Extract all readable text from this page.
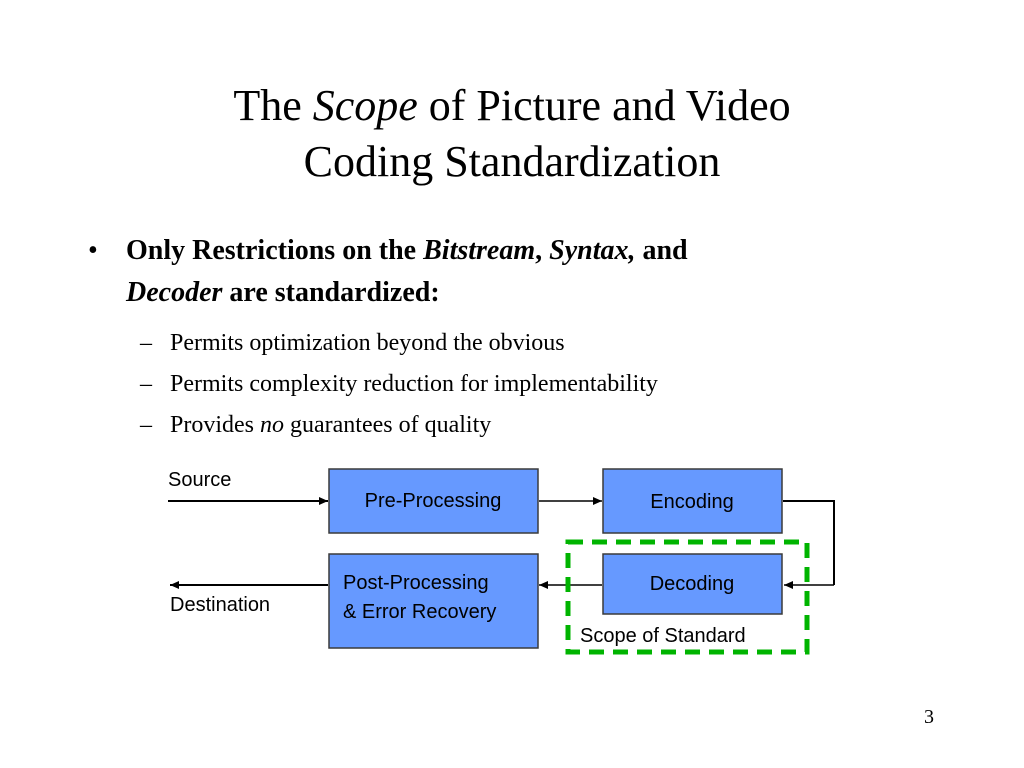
The Scope of Picture and Video
Coding Standardization
• Only Restrictions on the Bitstream, Syntax, and
Decoder are standardized:
– Permits optimization beyond the obvious
– Permits complexity reduction for implementability
– Provides no guarantees of quality
Source
Pre-Processing	Encoding
Decoding
Post-Processing
& Error Recovery
Destination
Scope of Standard
3
